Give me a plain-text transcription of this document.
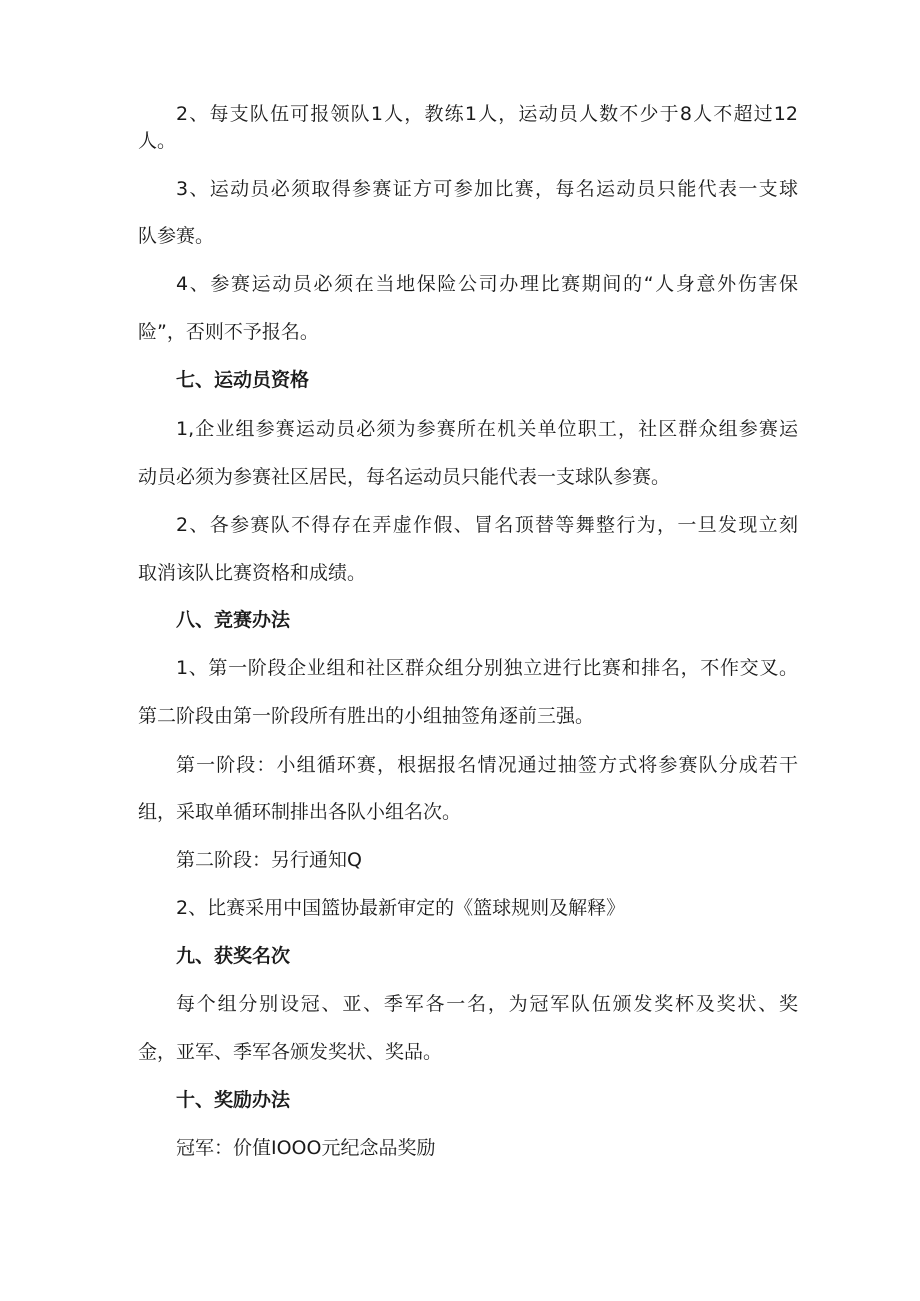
2、每支队伍可报领队1人，教练1人，运动员人数不少于8人不超过12
人。
3、运动员必须取得参赛证方可参加比赛，每名运动员只能代表一支球
队参赛。
4、参赛运动员必须在当地保险公司办理比赛期间的“人身意外伤害保
险”，否则不予报名。
七、运动员资格
1,企业组参赛运动员必须为参赛所在机关单位职工，社区群众组参赛运
动员必须为参赛社区居民，每名运动员只能代表一支球队参赛。
2、各参赛队不得存在弄虚作假、冒名顶替等舞整行为，一旦发现立刻
取消该队比赛资格和成绩。
八、竞赛办法
1、第一阶段企业组和社区群众组分别独立进行比赛和排名，不作交叉。
第二阶段由第一阶段所有胜出的小组抽签角逐前三强。
第一阶段：小组循环赛，根据报名情况通过抽签方式将参赛队分成若干
组，采取单循环制排出各队小组名次。
第二阶段：另行通知Q
2、比赛采用中国篮协最新审定的《篮球规则及解释》
九、获奖名次
每个组分别设冠、亚、季军各一名，为冠军队伍颁发奖杯及奖状、奖
金，亚军、季军各颁发奖状、奖品。
十、奖励办法
冠军：价值IOOO元纪念品奖励
